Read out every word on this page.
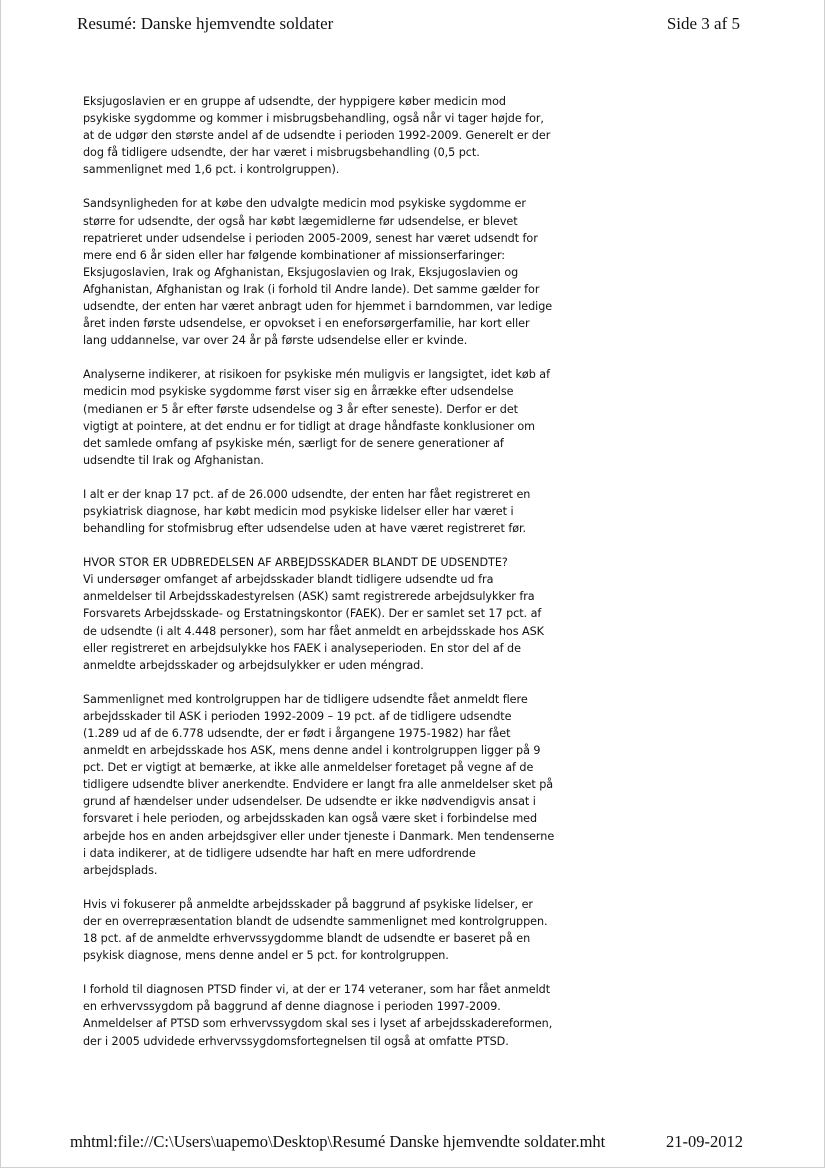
Resumé: Danske hjemvendte soldater	Side 3 af 5
Eksjugoslavien er en gruppe af udsendte, der hyppigere køber medicin mod
psykiske sygdomme og kommer i misbrugsbehandling, også når vi tager højde for,
at de udgør den største andel af de udsendte i perioden 1992-2009. Generelt er der
dog få tidligere udsendte, der har været i misbrugsbehandling (0,5 pct.
sammenlignet med 1,6 pct. i kontrolgruppen).
Sandsynligheden for at købe den udvalgte medicin mod psykiske sygdomme er
større for udsendte, der også har købt lægemidlerne før udsendelse, er blevet
repatrieret under udsendelse i perioden 2005-2009, senest har været udsendt for
mere end 6 år siden eller har følgende kombinationer af missionserfaringer:
Eksjugoslavien, Irak og Afghanistan, Eksjugoslavien og Irak, Eksjugoslavien og
Afghanistan, Afghanistan og Irak (i forhold til Andre lande). Det samme gælder for
udsendte, der enten har været anbragt uden for hjemmet i barndommen, var ledige
året inden første udsendelse, er opvokset i en eneforsørgerfamilie, har kort eller
lang uddannelse, var over 24 år på første udsendelse eller er kvinde.
Analyserne indikerer, at risikoen for psykiske mén muligvis er langsigtet, idet køb af
medicin mod psykiske sygdomme først viser sig en årrække efter udsendelse
(medianen er 5 år efter første udsendelse og 3 år efter seneste). Derfor er det
vigtigt at pointere, at det endnu er for tidligt at drage håndfaste konklusioner om
det samlede omfang af psykiske mén, særligt for de senere generationer af
udsendte til Irak og Afghanistan.
I alt er der knap 17 pct. af de 26.000 udsendte, der enten har fået registreret en
psykiatrisk diagnose, har købt medicin mod psykiske lidelser eller har været i
behandling for stofmisbrug efter udsendelse uden at have været registreret før.
HVOR STOR ER UDBREDELSEN AF ARBEJDSSKADER BLANDT DE UDSENDTE?
Vi undersøger omfanget af arbejdsskader blandt tidligere udsendte ud fra
anmeldelser til Arbejdsskadestyrelsen (ASK) samt registrerede arbejdsulykker fra
Forsvarets Arbejdsskade- og Erstatningskontor (FAEK). Der er samlet set 17 pct. af
de udsendte (i alt 4.448 personer), som har fået anmeldt en arbejdsskade hos ASK
eller registreret en arbejdsulykke hos FAEK i analyseperioden. En stor del af de
anmeldte arbejdsskader og arbejdsulykker er uden méngrad.
Sammenlignet med kontrolgruppen har de tidligere udsendte fået anmeldt flere
arbejdsskader til ASK i perioden 1992-2009 – 19 pct. af de tidligere udsendte
(1.289 ud af de 6.778 udsendte, der er født i årgangene 1975-1982) har fået
anmeldt en arbejdsskade hos ASK, mens denne andel i kontrolgruppen ligger på 9
pct. Det er vigtigt at bemærke, at ikke alle anmeldelser foretaget på vegne af de
tidligere udsendte bliver anerkendte. Endvidere er langt fra alle anmeldelser sket på
grund af hændelser under udsendelser. De udsendte er ikke nødvendigvis ansat i
forsvaret i hele perioden, og arbejdsskaden kan også være sket i forbindelse med
arbejde hos en anden arbejdsgiver eller under tjeneste i Danmark. Men tendenserne
i data indikerer, at de tidligere udsendte har haft en mere udfordrende
arbejdsplads.
Hvis vi fokuserer på anmeldte arbejdsskader på baggrund af psykiske lidelser, er
der en overrepræsentation blandt de udsendte sammenlignet med kontrolgruppen.
18 pct. af de anmeldte erhvervssygdomme blandt de udsendte er baseret på en
psykisk diagnose, mens denne andel er 5 pct. for kontrolgruppen.
I forhold til diagnosen PTSD finder vi, at der er 174 veteraner, som har fået anmeldt
en erhvervssygdom på baggrund af denne diagnose i perioden 1997-2009.
Anmeldelser af PTSD som erhvervssygdom skal ses i lyset af arbejdsskadereformen,
der i 2005 udvidede erhvervssygdomsfortegnelsen til også at omfatte PTSD.
mhtml:file://C:\Users\uapemo\Desktop\Resumé Danske hjemvendte soldater.mht	21-09-2012
